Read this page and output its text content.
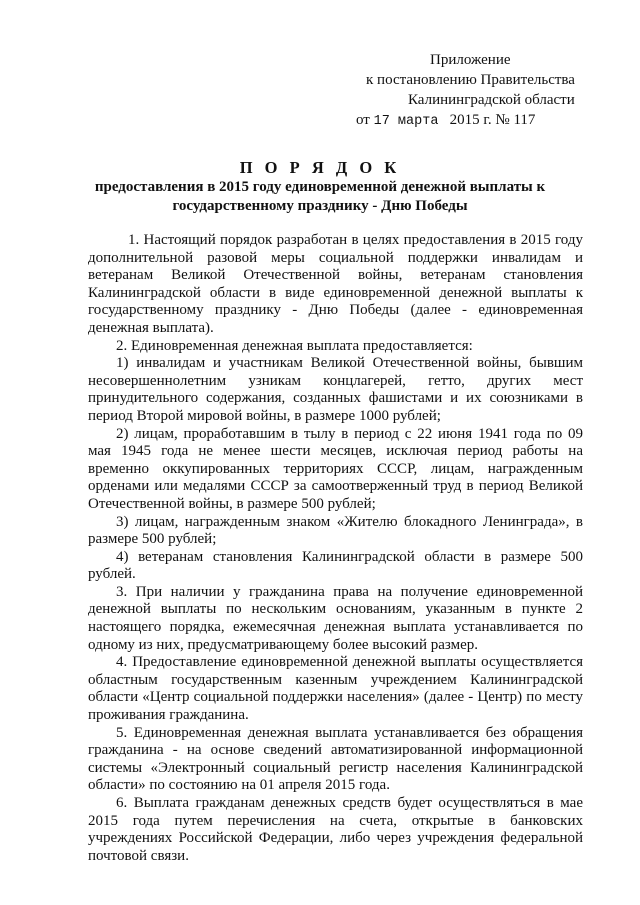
Приложение
к постановлению Правительства
Калининградской области
от 17 марта 2015 г. № 117
П О Р Я Д О К
предоставления в 2015 году единовременной денежной выплаты к государственному празднику - Дню Победы

1. Настоящий порядок разработан в целях предоставления в 2015 году дополнительной разовой меры социальной поддержки инвалидам и ветеранам Великой Отечественной войны, ветеранам становления Калининградской области в виде единовременной денежной выплаты к государственному празднику - Дню Победы (далее - единовременная денежная выплата).

2. Единовременная денежная выплата предоставляется:

1) инвалидам и участникам Великой Отечественной войны, бывшим несовершеннолетним узникам концлагерей, гетто, других мест принудительного содержания, созданных фашистами и их союзниками в период Второй мировой войны, в размере 1000 рублей;

2) лицам, проработавшим в тылу в период с 22 июня 1941 года по 09 мая 1945 года не менее шести месяцев, исключая период работы на временно оккупированных территориях СССР, лицам, награжденным орденами или медалями СССР за самоотверженный труд в период Великой Отечественной войны, в размере 500 рублей;

3) лицам, награжденным знаком «Жителю блокадного Ленинграда», в размере 500 рублей;

4) ветеранам становления Калининградской области в размере 500 рублей.

3. При наличии у гражданина права на получение единовременной денежной выплаты по нескольким основаниям, указанным в пункте 2 настоящего порядка, ежемесячная денежная выплата устанавливается по одному из них, предусматривающему более высокий размер.

4. Предоставление единовременной денежной выплаты осуществляется областным государственным казенным учреждением Калининградской области «Центр социальной поддержки населения» (далее - Центр) по месту проживания гражданина.

5. Единовременная денежная выплата устанавливается без обращения гражданина - на основе сведений автоматизированной информационной системы «Электронный социальный регистр населения Калининградской области» по состоянию на 01 апреля 2015 года.

6. Выплата гражданам денежных средств будет осуществляться в мае 2015 года путем перечисления на счета, открытые в банковских учреждениях Российской Федерации, либо через учреждения федеральной почтовой связи.
